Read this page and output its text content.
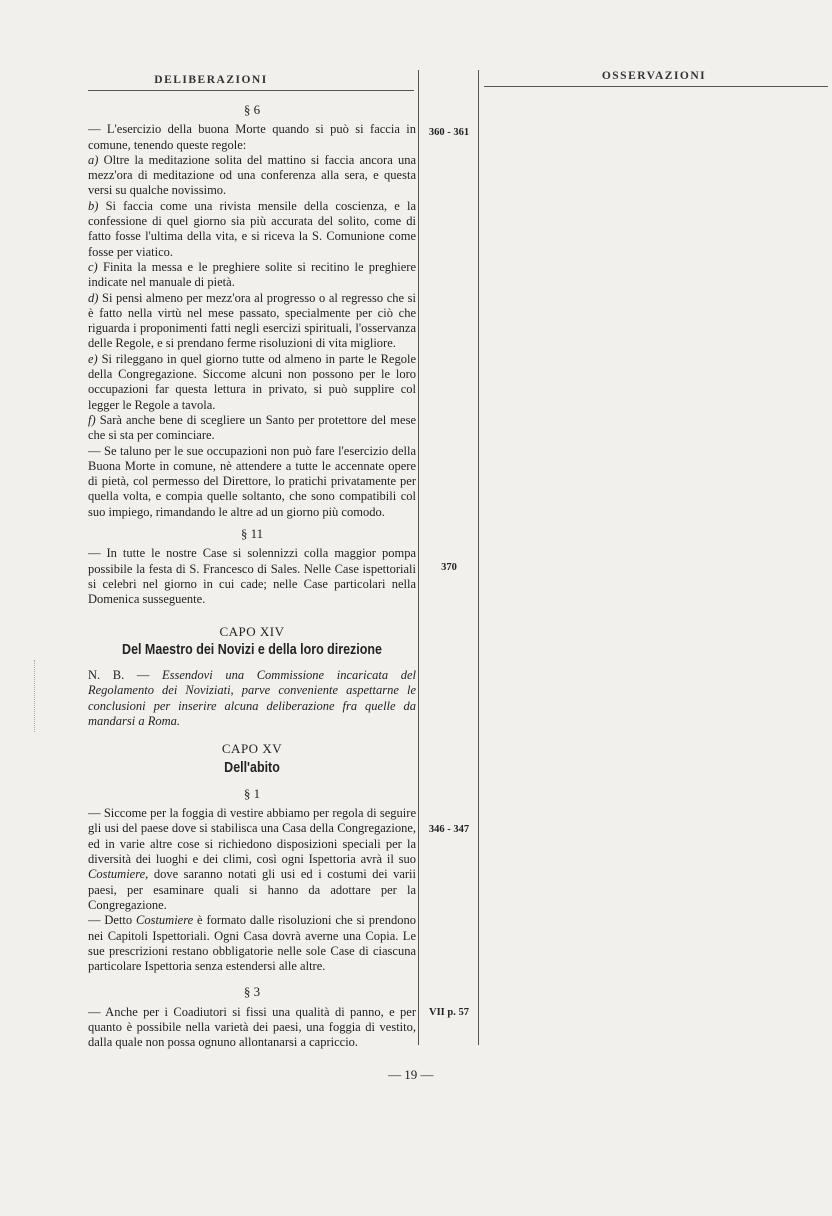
DELIBERAZIONI	OSSERVAZIONI
360 - 361
370
346 - 347
VII p. 57
§ 6

— L'esercizio della buona Morte quando si può si faccia in comune, tenendo queste regole:

a) Oltre la meditazione solita del mattino si faccia ancora una mezz'ora di meditazione od una conferenza alla sera, e questa versi su qualche novissimo.

b) Si faccia come una rivista mensile della coscienza, e la confessione di quel giorno sia più accurata del solito, come di fatto fosse l'ultima della vita, e si riceva la S. Comunione come fosse per viatico.

c) Finita la messa e le preghiere solite si recitino le preghiere indicate nel manuale di pietà.

d) Si pensi almeno per mezz'ora al progresso o al regresso che si è fatto nella virtù nel mese passato, specialmente per ciò che riguarda i proponimenti fatti negli esercizi spirituali, l'osservanza delle Regole, e si prendano ferme risoluzioni di vita migliore.

e) Si rileggano in quel giorno tutte od almeno in parte le Regole della Congregazione. Siccome alcuni non possono per le loro occupazioni far questa lettura in privato, si può supplire col legger le Regole a tavola.

f) Sarà anche bene di scegliere un Santo per protettore del mese che si sta per cominciare.

— Se taluno per le sue occupazioni non può fare l'esercizio della Buona Morte in comune, nè attendere a tutte le accennate opere di pietà, col permesso del Direttore, lo pratichi privatamente per quella volta, e compia quelle soltanto, che sono compatibili col suo impiego, rimandando le altre ad un giorno più comodo.

§ 11

— In tutte le nostre Case si solennizzi colla maggior pompa possibile la festa di S. Francesco di Sales. Nelle Case ispettoriali si celebri nel giorno in cui cade; nelle Case particolari nella Domenica susseguente.

CAPO XIV
Del Maestro dei Novizi e della loro direzione

N. B. — Essendovi una Commissione incaricata del Regolamento dei Noviziati, parve conveniente aspettarne le conclusioni per inserire alcuna deliberazione fra quelle da mandarsi a Roma.

CAPO XV
Dell'abito
§ 1

— Siccome per la foggia di vestire abbiamo per regola di seguire gli usi del paese dove si stabilisca una Casa della Congregazione, ed in varie altre cose si richiedono disposizioni speciali per la diversità dei luoghi e dei climi, così ogni Ispettoria avrà il suo Costumiere, dove saranno notati gli usi ed i costumi dei varii paesi, per esaminare quali si hanno da adottare per la Congregazione.

— Detto Costumiere è formato dalle risoluzioni che si prendono nei Capitoli Ispettoriali. Ogni Casa dovrà averne una Copia. Le sue prescrizioni restano obbligatorie nelle sole Case di ciascuna particolare Ispettoria senza estendersi alle altre.

§ 3

— Anche per i Coadiutori si fissi una qualità di panno, e per quanto è possibile nella varietà dei paesi, una foggia di vestito, dalla quale non possa ognuno allontanarsi a capriccio.

— 19 —
